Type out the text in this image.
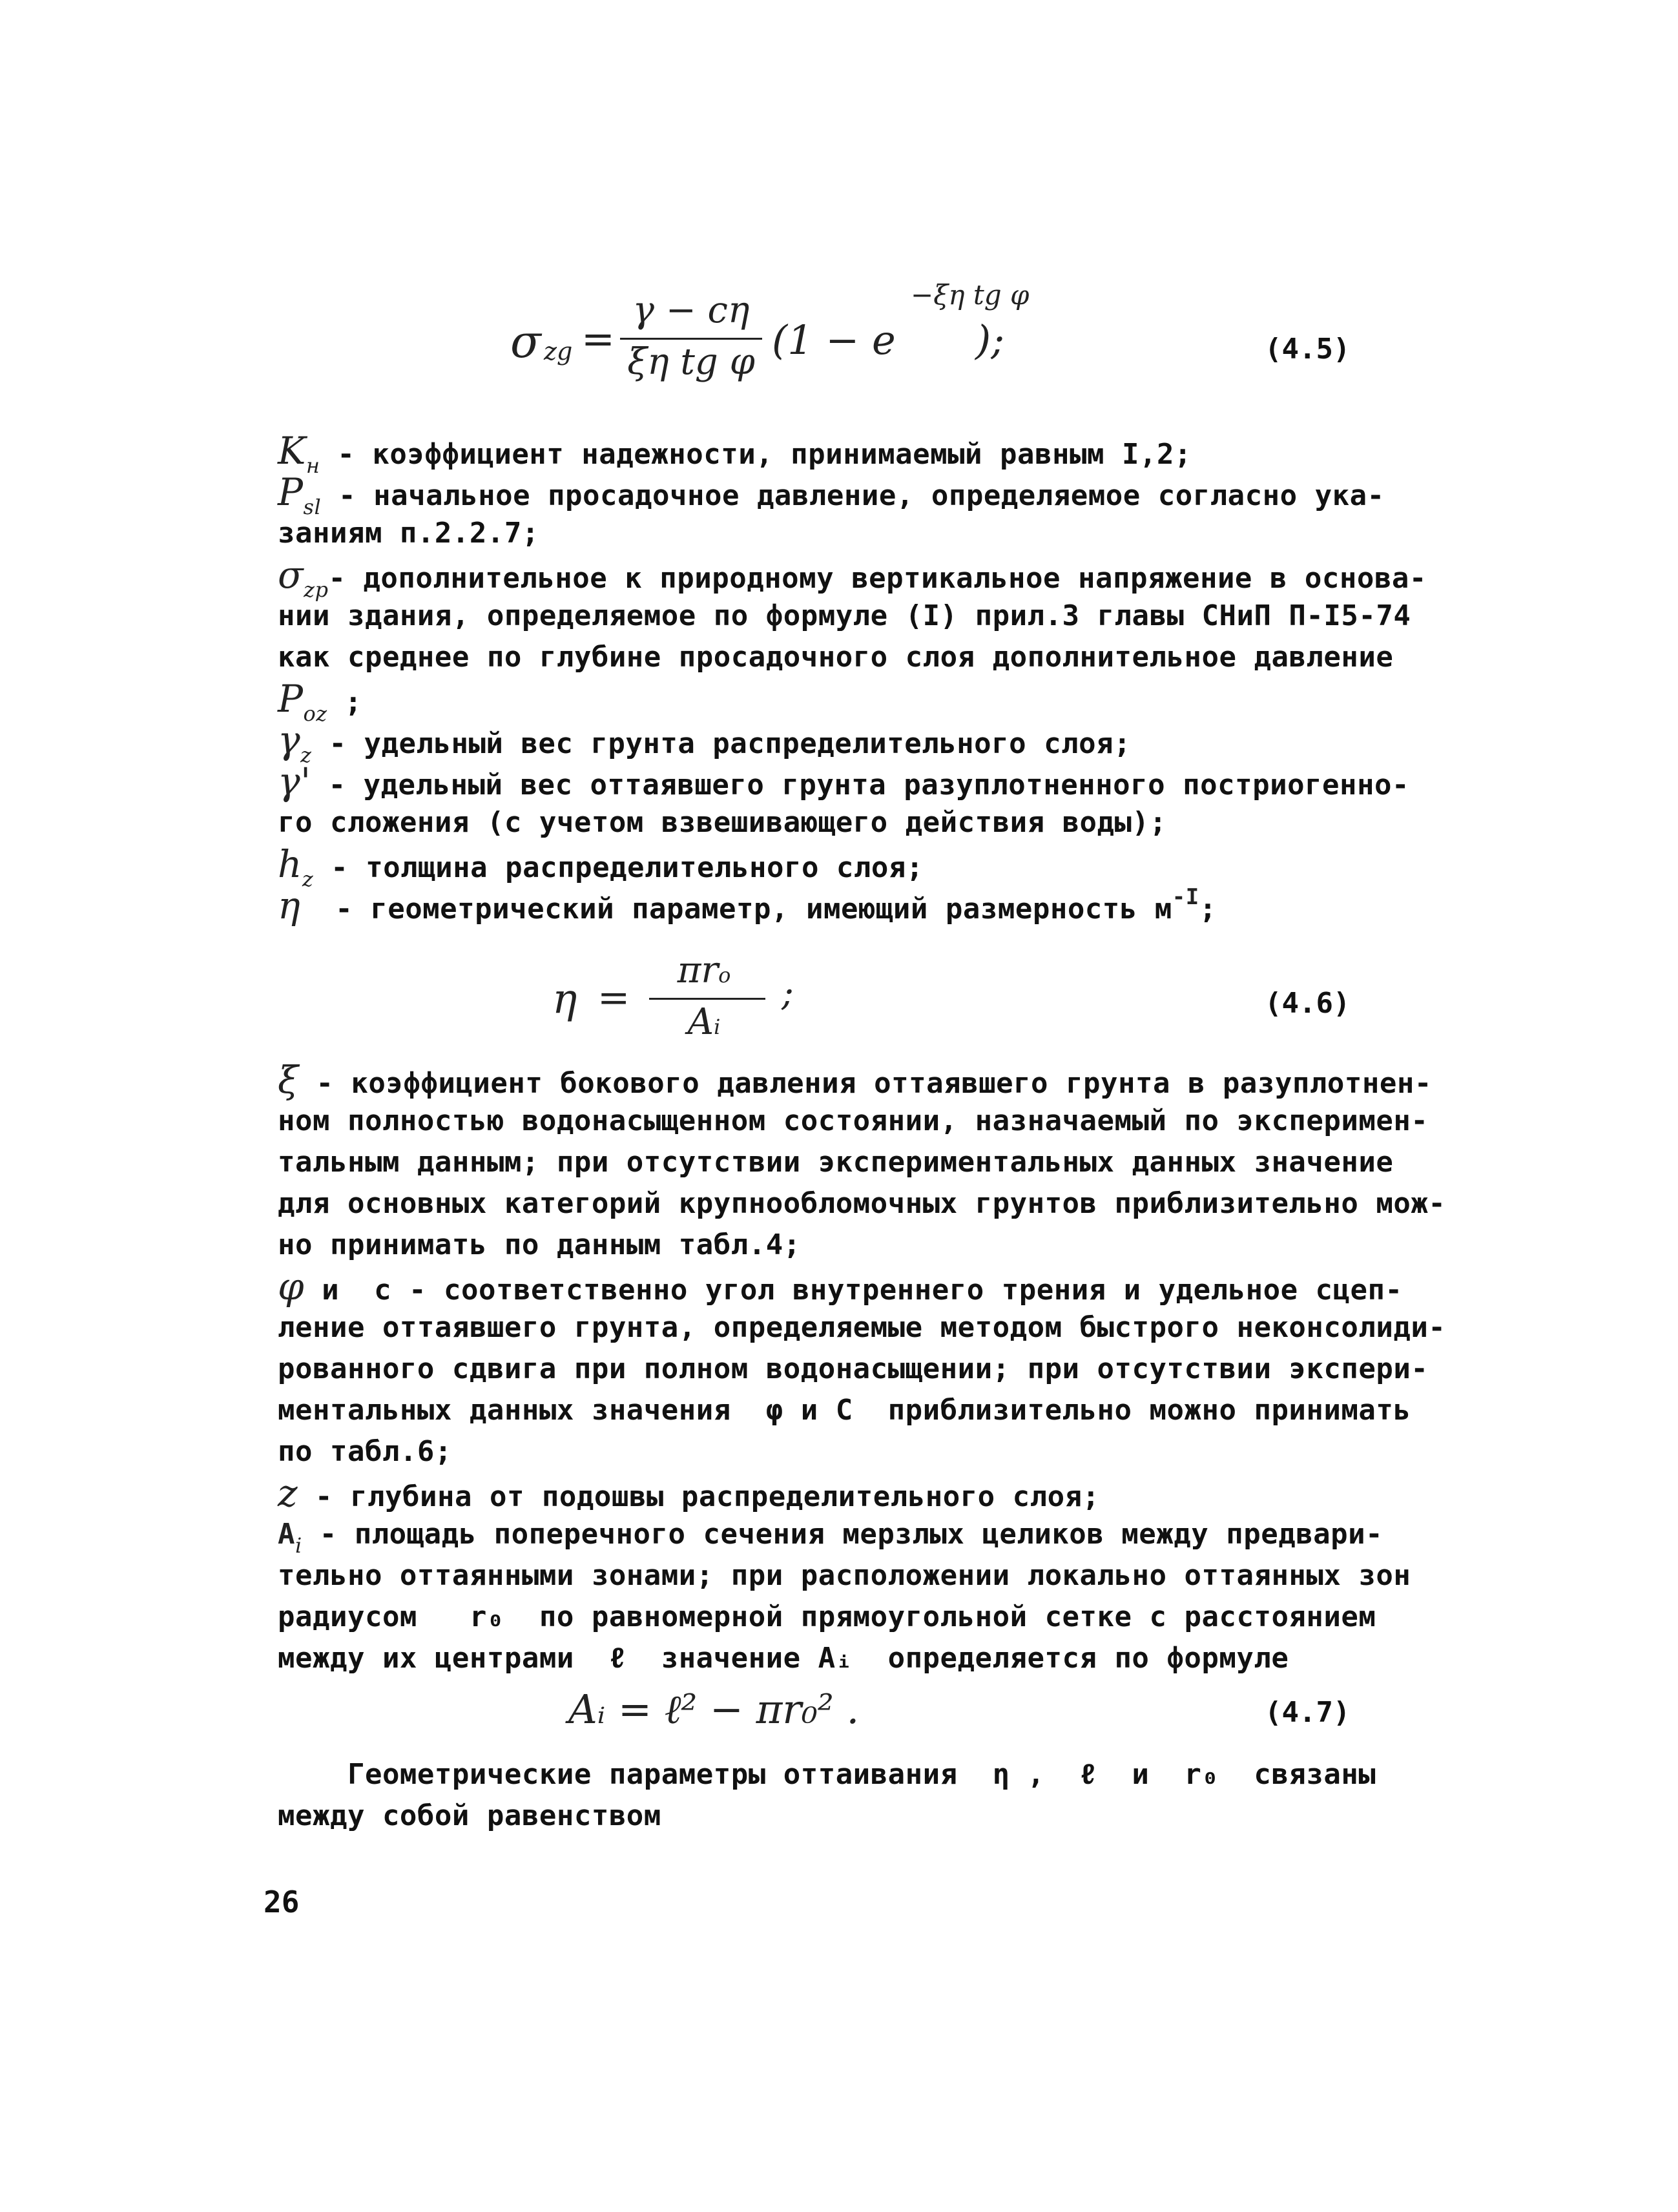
σ zg =
γ − cη
ξη tg φ (1 − e
−ξη tg φ
);	(4.5)
$K_н$ - коэффициент надежности, принимаемый равным I,2;
$P_{sl}$ - начальное просадочное давление, определяемое согласно ука-
заниям п.2.2.7;
$\sigma_{zp}-$ дополнительное к природному вертикальное напряжение в основа-
нии здания, определяемое по формуле (I) прил.3 главы СНиП П-I5-74
как среднее по глубине просадочного слоя дополнительное давление
$P_{oz}$ ;
$\gamma_z$ - удельный вес грунта распределительного слоя;
γ' - удельный вес оттаявшего грунта разуплотненного постриогенно-
го сложения (с учетом взвешивающего действия воды);
$h_z$ - толщина распределительного слоя;
η  - геометрический параметр, имеющий размерность $м^{-I}$;
η =
πro
Ai
;	(4.6)
ξ - коэффициент бокового давления оттаявшего грунта в разуплотнен-
ном полностью водонасыщенном состоянии, назначаемый по эксперимен-
тальным данным; при отсутствии экспериментальных данных значение
для основных категорий крупнообломочных грунтов приблизительно мож-
но принимать по данным табл.4;
φ и  c - соответственно угол внутреннего трения и удельное сцеп-
ление оттаявшего грунта, определяемые методом быстрого неконсолиди-
рованного сдвига при полном водонасыщении; при отсутствии экспери-
ментальных данных значения  φ и С  приблизительно можно принимать
по табл.6;
z - глубина от подошвы распределительного слоя;
$A_i$ - площадь поперечного сечения мерзлых целиков между предвари-
тельно оттаянными зонами; при расположении локально оттаянных зон
радиусом   r₀  по равномерной прямоугольной сетке с расстоянием
между их центрами  ℓ  значение Aᵢ  определяется по формуле
Aᵢ = ℓ² − πr₀² .	(4.7)
Геометрические параметры оттаивания  η ,  ℓ  и  r₀  связаны
между собой равенством
26
